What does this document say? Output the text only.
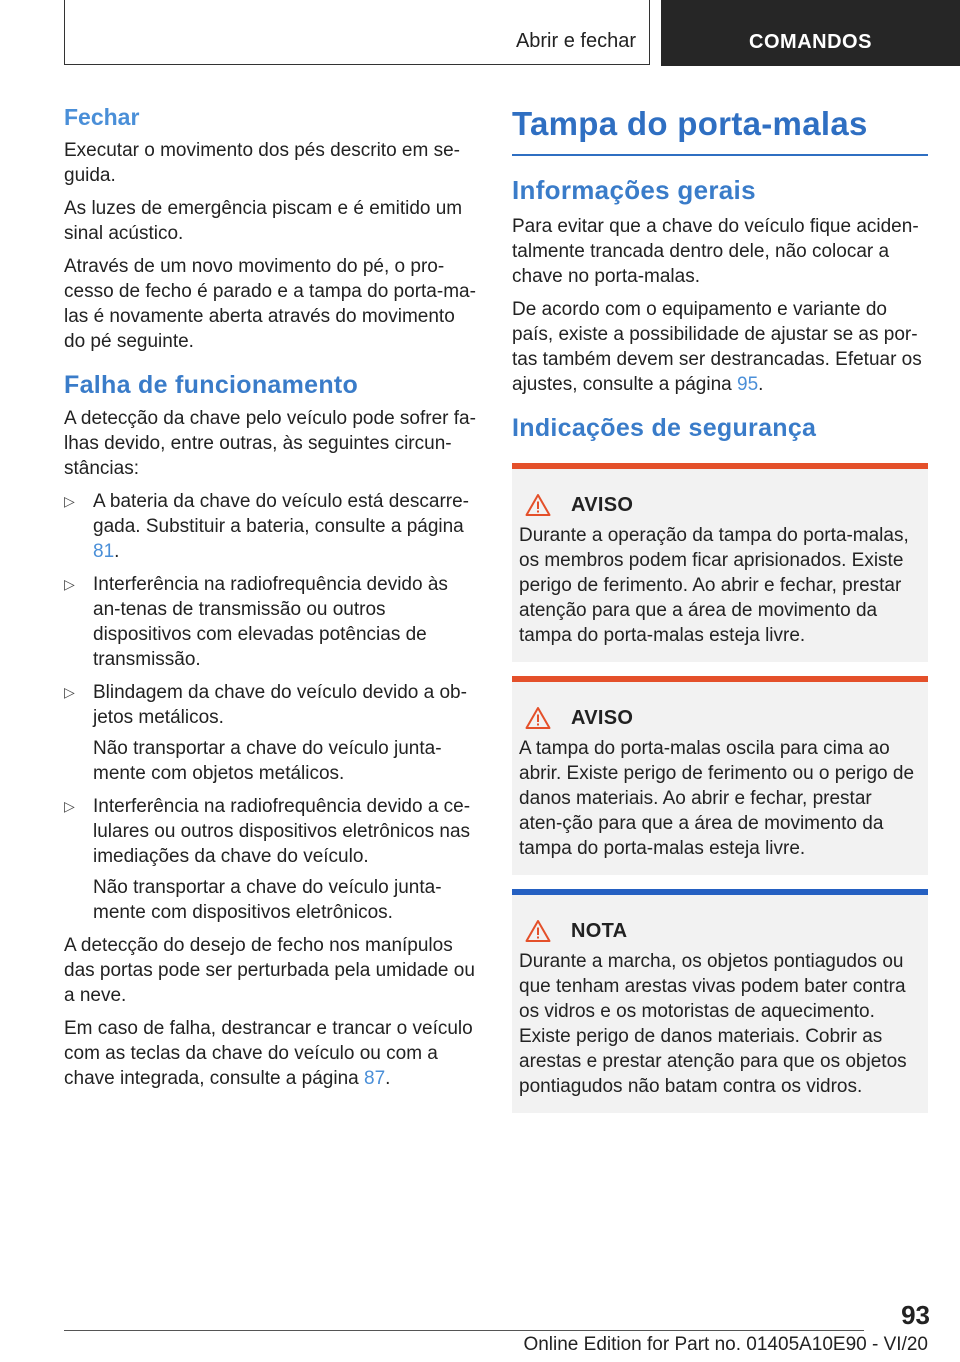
Abrir e fechar	COMANDOS
Fechar

Executar o movimento dos pés descrito em se-guida.

As luzes de emergência piscam e é emitido um sinal acústico.

Através de um novo movimento do pé, o pro-cesso de fecho é parado e a tampa do porta-ma-las é novamente aberta através do movimento do pé seguinte.

Falha de funcionamento

A detecção da chave pelo veículo pode sofrer fa-lhas devido, entre outras, às seguintes circun-stâncias:

▷ A bateria da chave do veículo está descarre-gada. Substituir a bateria, consulte a página 81.

▷ Interferência na radiofrequência devido às an-tenas de transmissão ou outros dispositivos com elevadas potências de transmissão.

▷ Blindagem da chave do veículo devido a ob-jetos metálicos.

Não transportar a chave do veículo junta-mente com objetos metálicos.

▷ Interferência na radiofrequência devido a ce-lulares ou outros dispositivos eletrônicos nas imediações da chave do veículo.

Não transportar a chave do veículo junta-mente com dispositivos eletrônicos.

A detecção do desejo de fecho nos manípulos das portas pode ser perturbada pela umidade ou a neve.

Em caso de falha, destrancar e trancar o veículo com as teclas da chave do veículo ou com a chave integrada, consulte a página 87.

Tampa do porta-malas
Informações gerais

Para evitar que a chave do veículo fique aciden-talmente trancada dentro dele, não colocar a chave no porta-malas.

De acordo com o equipamento e variante do país, existe a possibilidade de ajustar se as por-tas também devem ser destrancadas. Efetuar os ajustes, consulte a página 95.

Indicações de segurança
AVISO

Durante a operação da tampa do porta-malas, os membros podem ficar aprisionados. Existe perigo de ferimento. Ao abrir e fechar, prestar atenção para que a área de movimento da tampa do porta-malas esteja livre.

AVISO

A tampa do porta-malas oscila para cima ao abrir. Existe perigo de ferimento ou o perigo de danos materiais. Ao abrir e fechar, prestar aten-ção para que a área de movimento da tampa do porta-malas esteja livre.

NOTA

Durante a marcha, os objetos pontiagudos ou que tenham arestas vivas podem bater contra os vidros e os motoristas de aquecimento. Existe perigo de danos materiais. Cobrir as arestas e prestar atenção para que os objetos pontiagudos não batam contra os vidros.

93
Online Edition for Part no. 01405A10E90 - VI/20
